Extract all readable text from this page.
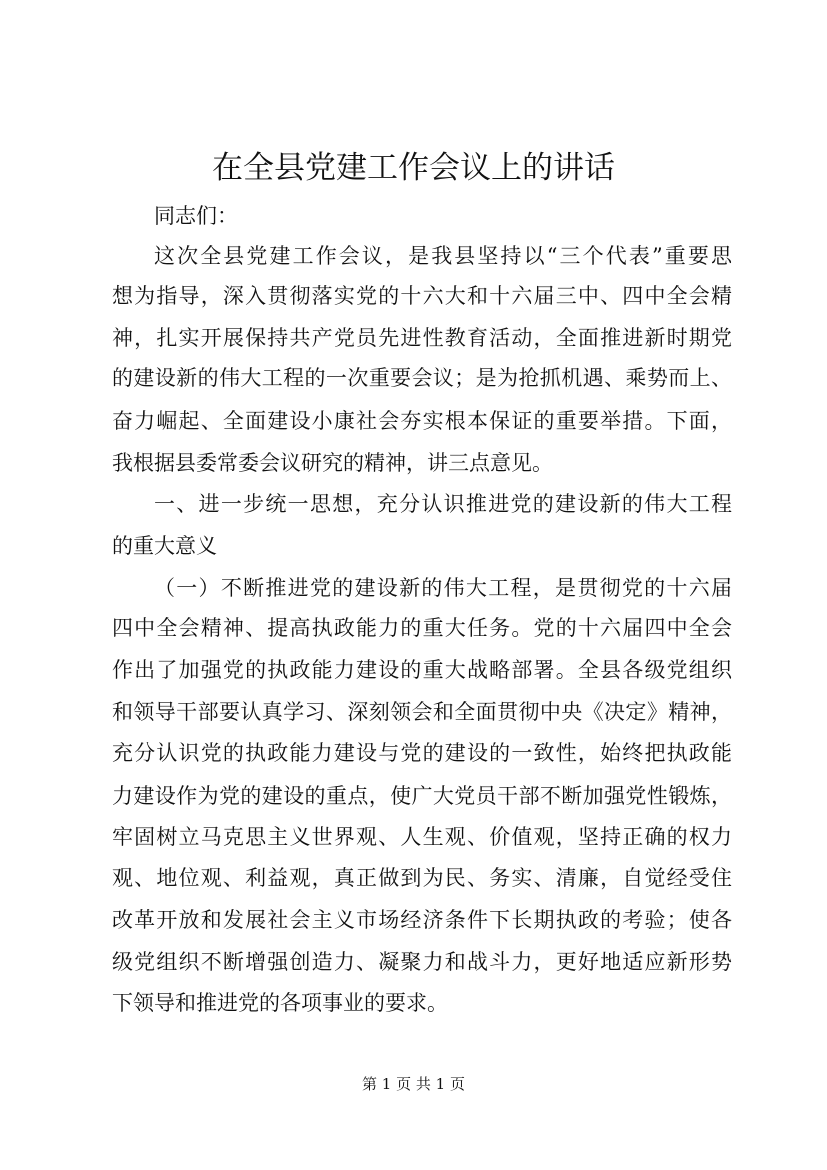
在全县党建工作会议上的讲话

同志们：

这次全县党建工作会议，是我县坚持以“三个代表”重要思

想为指导，深入贯彻落实党的十六大和十六届三中、四中全会精

神，扎实开展保持共产党员先进性教育活动，全面推进新时期党

的建设新的伟大工程的一次重要会议；是为抢抓机遇、乘势而上、

奋力崛起、全面建设小康社会夯实根本保证的重要举措。下面，

我根据县委常委会议研究的精神，讲三点意见。

一、进一步统一思想，充分认识推进党的建设新的伟大工程

的重大意义

（一）不断推进党的建设新的伟大工程，是贯彻党的十六届

四中全会精神、提高执政能力的重大任务。党的十六届四中全会

作出了加强党的执政能力建设的重大战略部署。全县各级党组织

和领导干部要认真学习、深刻领会和全面贯彻中央《决定》精神，

充分认识党的执政能力建设与党的建设的一致性，始终把执政能

力建设作为党的建设的重点，使广大党员干部不断加强党性锻炼，

牢固树立马克思主义世界观、人生观、价值观，坚持正确的权力

观、地位观、利益观，真正做到为民、务实、清廉，自觉经受住

改革开放和发展社会主义市场经济条件下长期执政的考验；使各

级党组织不断增强创造力、凝聚力和战斗力，更好地适应新形势

下领导和推进党的各项事业的要求。

第 1 页 共 1 页
